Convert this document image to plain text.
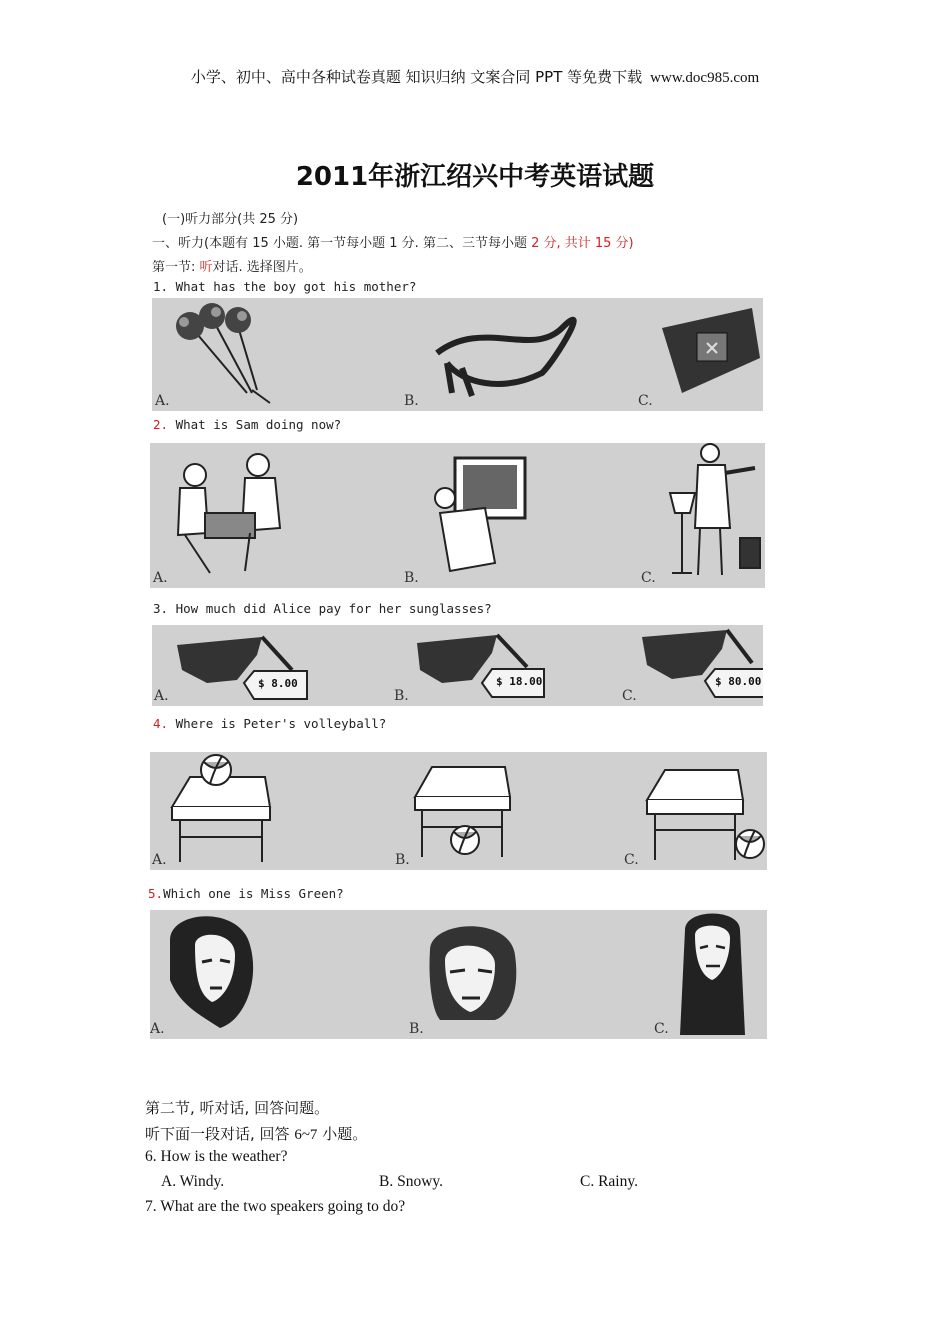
小学、初中、高中各种试卷真题 知识归纳 文案合同 PPT 等免费下载 www.doc985.com
2011年浙江绍兴中考英语试题
(一)听力部分(共 25 分)
一、听力(本题有 15 小题. 第一节每小题 1 分. 第二、三节每小题 2 分, 共计 15 分)
第一节: 听对话. 选择图片。
1. What has the boy got his mother?
A.	B.	C.
2. What is Sam doing now?
A.	B.	C.
3. How much did Alice pay for her sunglasses?
$ 8.00	$ 18.00	$ 80.00
A.	B.	C.
4. Where is Peter's volleyball?
A.	B.	C.
5.Which one is Miss Green?
A.	B.	C.
第二节, 听对话, 回答问题。
听下面一段对话, 回答 6~7 小题。
6. How is the weather?
A. Windy.	B. Snowy.	C. Rainy.
7. What are the two speakers going to do?
